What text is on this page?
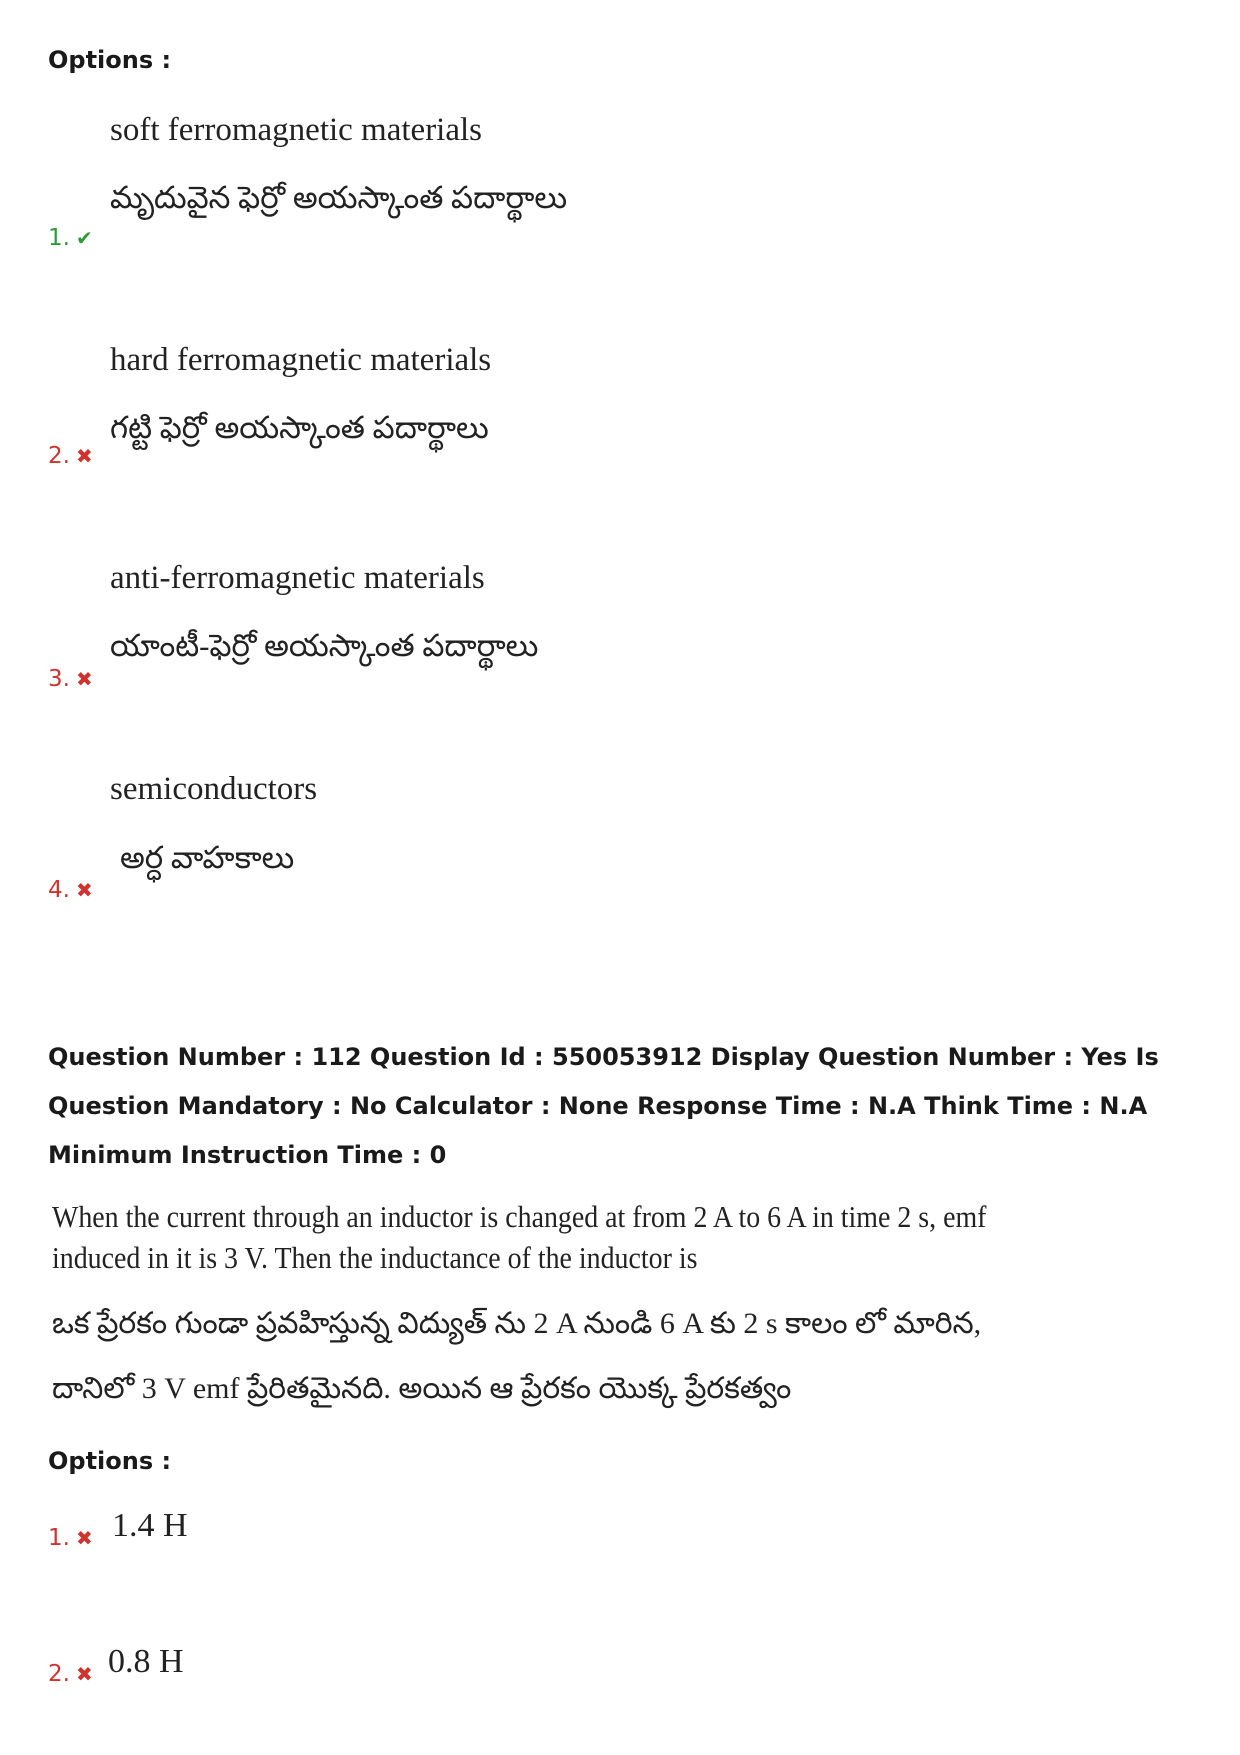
Options :
soft ferromagnetic materials
మృదువైన ఫెర్రో అయస్కాంత పదార్థాలు
1. ✔
hard ferromagnetic materials
గట్టి ఫెర్రో అయస్కాంత పదార్థాలు
2. ✖
anti-ferromagnetic materials
యాంటీ-ఫెర్రో అయస్కాంత పదార్థాలు
3. ✖
semiconductors
అర్ధ వాహకాలు
4. ✖
Question Number : 112 Question Id : 550053912 Display Question Number : Yes Is Question Mandatory : No Calculator : None Response Time : N.A Think Time : N.A Minimum Instruction Time : 0
When the current through an inductor is changed at from 2 A to 6 A in time 2 s, emf
induced in it is 3 V. Then the inductance of the inductor is
ఒక ప్రేరకం గుండా ప్రవహిస్తున్న విద్యుత్ ను 2 A నుండి 6 A కు 2 s కాలం లో మారిన,
దానిలో 3 V emf ప్రేరితమైనది. అయిన ఆ ప్రేరకం యొక్క ప్రేరకత్వం
Options :
1. ✖ 1.4 H
2. ✖ 0.8 H
